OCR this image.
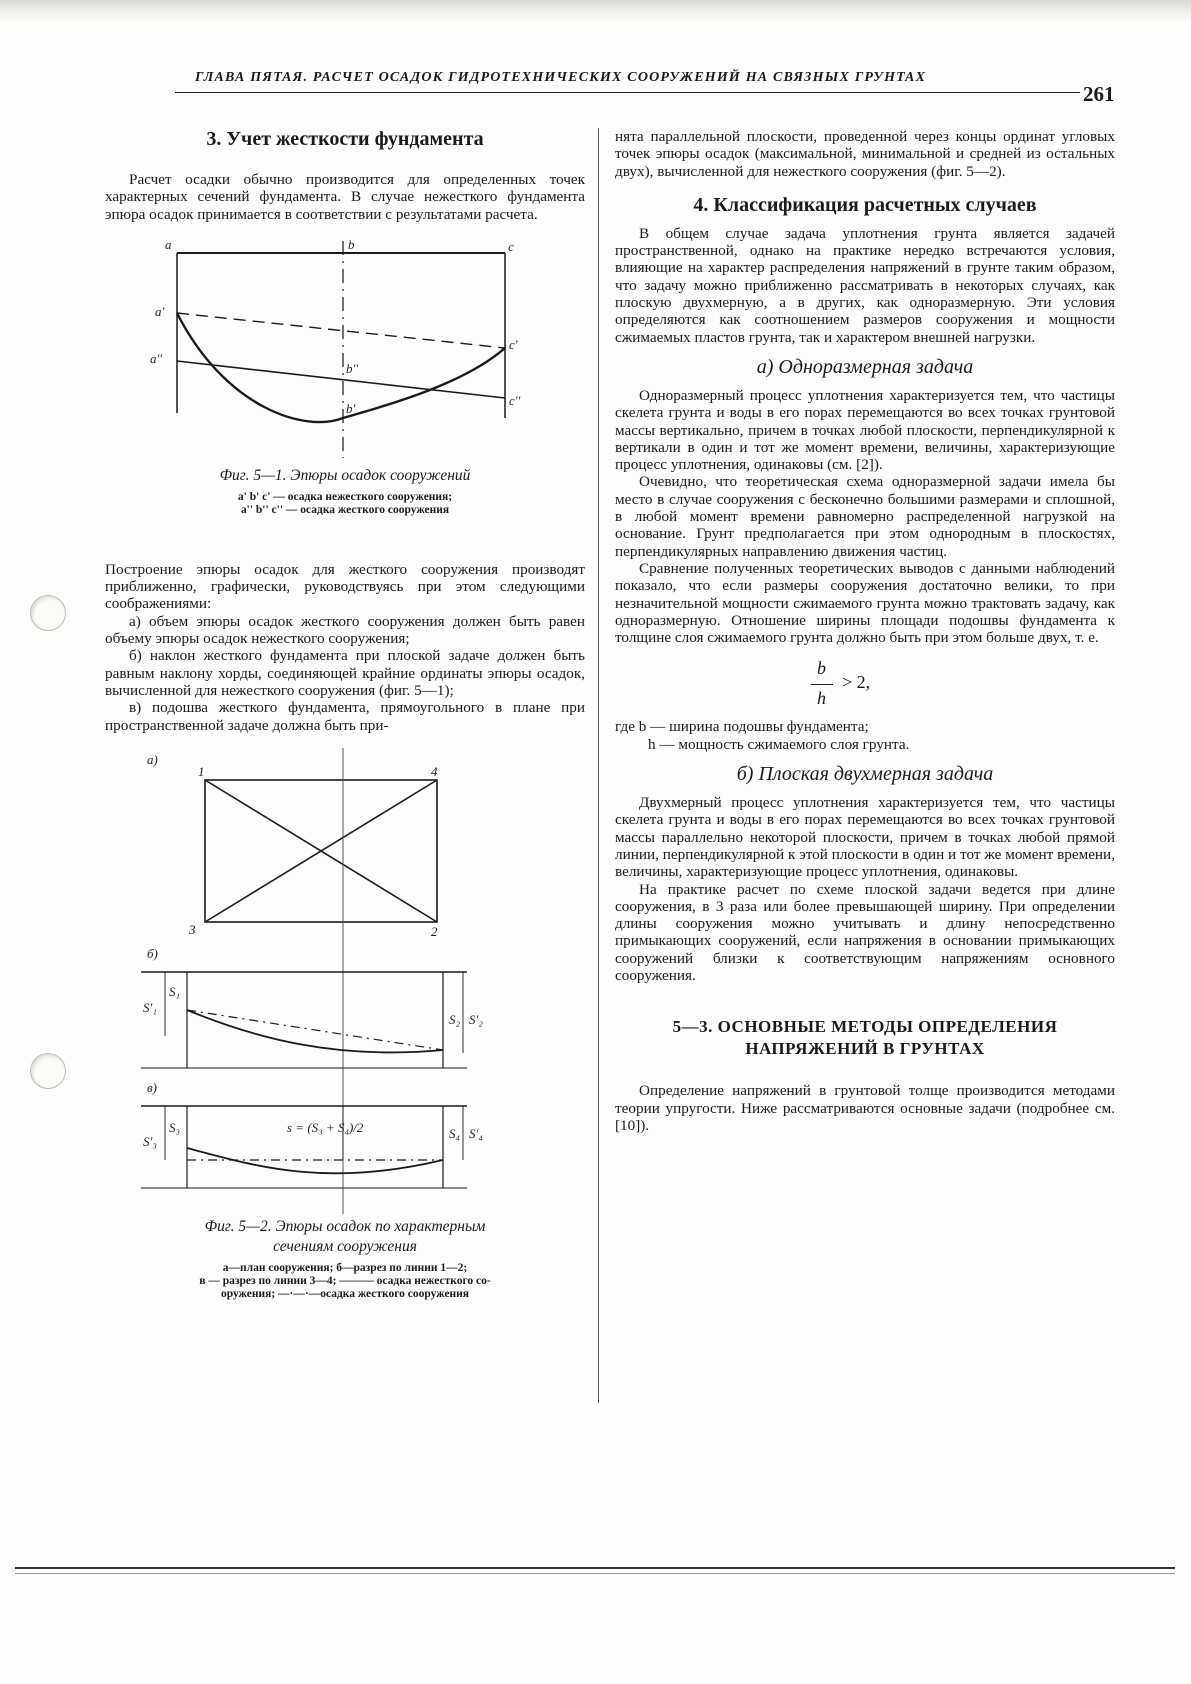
ГЛАВА ПЯТАЯ. РАСЧЕТ ОСАДОК ГИДРОТЕХНИЧЕСКИХ СООРУЖЕНИЙ НА СВЯЗНЫХ ГРУНТАХ
261
3. Учет жесткости фундамента

Расчет осадки обычно производится для определенных точек характерных сечений фундамента. В случае нежесткого фундамента эпюра осадок принимается в соответствии с результатами расчета.

a	b	c
a'
a''
b''
b'
c'
c''
Фиг. 5—1. Эпюры осадок сооружений
a' b' c' — осадка нежесткого сооружения;
a'' b'' c'' — осадка жесткого сооружения

Построение эпюры осадок для жесткого сооружения производят приближенно, графически, руководствуясь при этом следующими соображениями:

а) объем эпюры осадок жесткого сооружения должен быть равен объему эпюры осадок нежесткого сооружения;

б) наклон жесткого фундамента при плоской задаче должен быть равным наклону хорды, соединяющей крайние ординаты эпюры осадок, вычисленной для нежесткого сооружения (фиг. 5—1);

в) подошва жесткого фундамента, прямоугольного в плане при пространственной задаче должна быть при-

а)
1	4
3	2
б)
S₁
S′₁
S₂ S′₂
в)
S₃
S′₃
S₄ S′₄
s = (S₃ + S₄)/2
Фиг. 5—2. Эпюры осадок по характерным
сечениям сооружения
а—план сооружения; б—разрез по линии 1—2;
в — разрез по линии 3—4; ——— осадка нежесткого со-
оружения; —·—·—осадка жесткого сооружения

нята параллельной плоскости, проведенной через концы ординат угловых точек эпюры осадок (максимальной, минимальной и средней из остальных двух), вычисленной для нежесткого сооружения (фиг. 5—2).

4. Классификация расчетных случаев

В общем случае задача уплотнения грунта является задачей пространственной, однако на практике нередко встречаются условия, влияющие на характер распределения напряжений в грунте таким образом, что задачу можно приближенно рассматривать в некоторых случаях, как плоскую двухмерную, а в других, как одноразмерную. Эти условия определяются как соотношением размеров сооружения и мощности сжимаемых пластов грунта, так и характером внешней нагрузки.

а) Одноразмерная задача

Одноразмерный процесс уплотнения характеризуется тем, что частицы скелета грунта и воды в его порах перемещаются во всех точках грунтовой массы вертикально, причем в точках любой плоскости, перпендикулярной к вертикали в один и тот же момент времени, величины, характеризующие процесс уплотнения, одинаковы (см. [2]).

Очевидно, что теоретическая схема одноразмерной задачи имела бы место в случае сооружения с бесконечно большими размерами и сплошной, в любой момент времени равномерно распределенной нагрузкой на основание. Грунт предполагается при этом однородным в плоскостях, перпендикулярных направлению движения частиц.

Сравнение полученных теоретических выводов с данными наблюдений показало, что если размеры сооружения достаточно велики, то при незначительной мощности сжимаемого грунта можно трактовать задачу, как одноразмерную. Отношение ширины площади подошвы фундамента к толщине слоя сжимаемого грунта должно быть при этом больше двух, т. е.

b
h
> 2,
где b — ширина подошвы фундамента;
h — мощность сжимаемого слоя грунта.
б) Плоская двухмерная задача

Двухмерный процесс уплотнения характеризуется тем, что частицы скелета грунта и воды в его порах перемещаются во всех точках грунтовой массы параллельно некоторой плоскости, причем в точках любой прямой линии, перпендикулярной к этой плоскости в один и тот же момент времени, величины, характеризующие процесс уплотнения, одинаковы.

На практике расчет по схеме плоской задачи ведется при длине сооружения, в 3 раза или более превышающей ширину. При определении длины сооружения можно учитывать и длину непосредственно примыкающих сооружений, если напряжения в основании примыкающих сооружений близки к соответствующим напряжениям основного сооружения.

5—3. ОСНОВНЫЕ МЕТОДЫ ОПРЕДЕЛЕНИЯ
НАПРЯЖЕНИЙ В ГРУНТАХ

Определение напряжений в грунтовой толще производится методами теории упругости. Ниже рассматриваются основные задачи (подробнее см. [10]).
